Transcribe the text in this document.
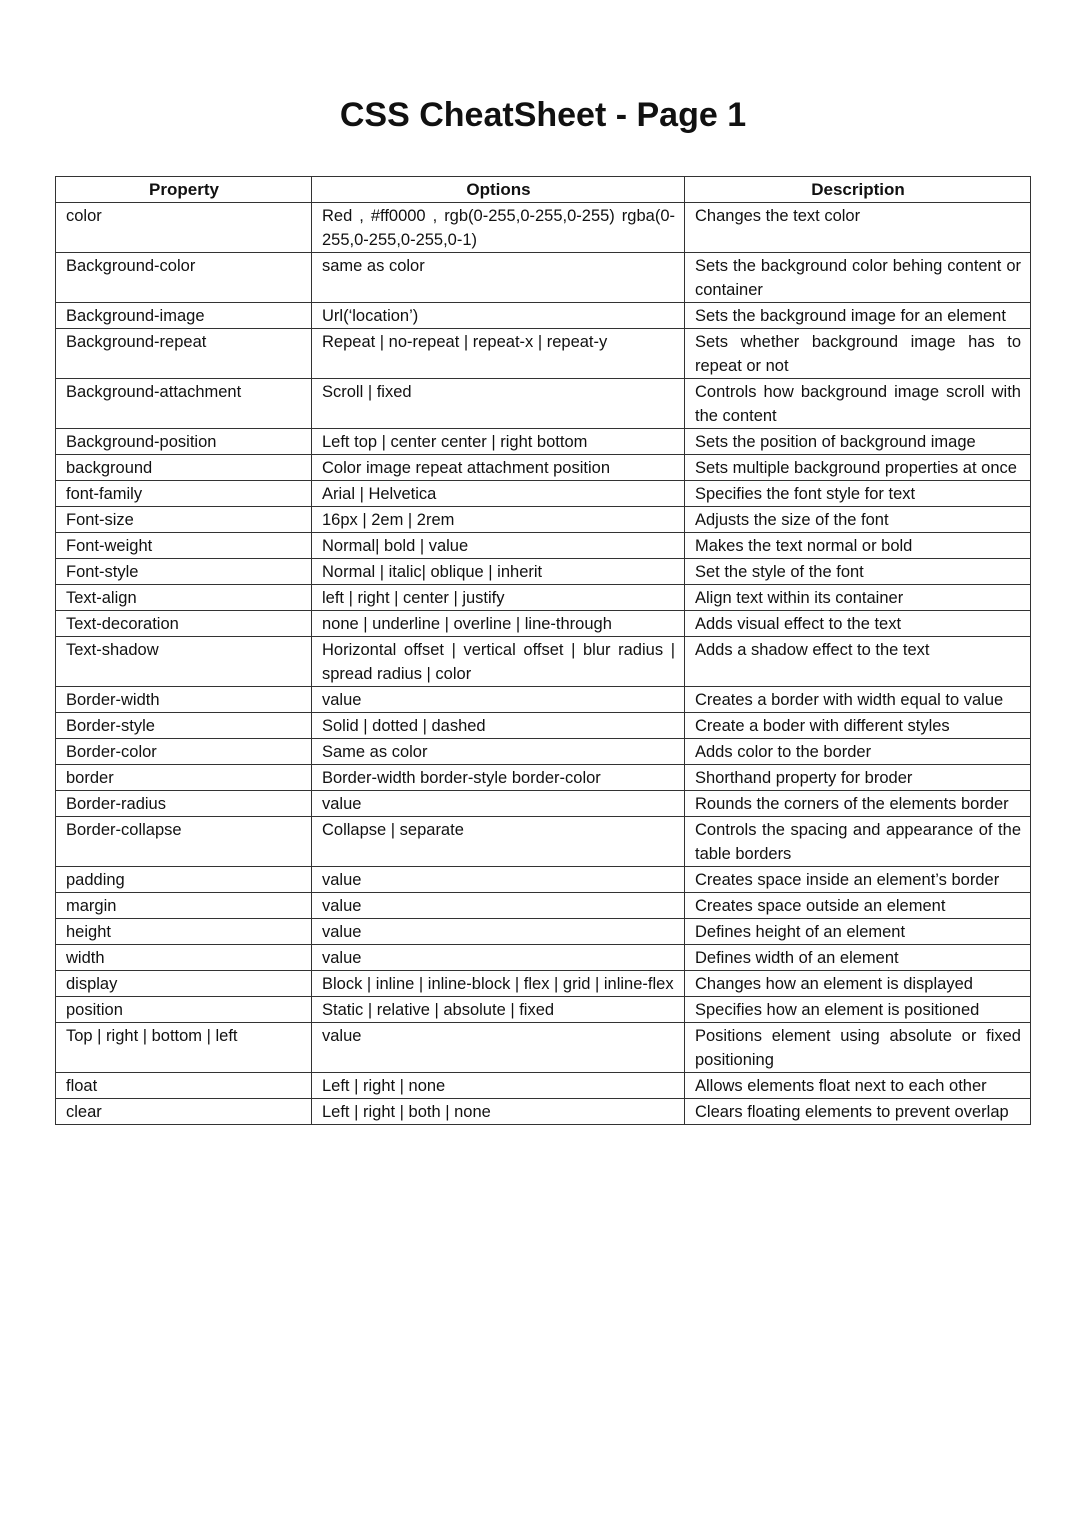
CSS CheatSheet - Page 1
Property	Options	Description
color	Red , #ff0000 , rgb(0-255,0-255,0-255) rgba(0-255,0-255,0-255,0-1)	Changes the text color
Background-color	same as color	Sets the background color behing content or container
Background-image	Url(‘location’)	Sets the background image for an element
Background-repeat	Repeat | no-repeat | repeat-x | repeat-y	Sets whether background image has to repeat or not
Background-attachment	Scroll | fixed	Controls how background image scroll with the content
Background-position	Left top | center center | right bottom	Sets the position of background image
background	Color image repeat attachment position	Sets multiple background properties at once
font-family	Arial | Helvetica	Specifies the font style for text
Font-size	16px | 2em | 2rem	Adjusts the size of the font
Font-weight	Normal| bold | value	Makes the text normal or bold
Font-style	Normal | italic| oblique | inherit	Set the style of the font
Text-align	left | right | center | justify	Align text within its container
Text-decoration	none | underline | overline | line-through	Adds visual effect to the text
Text-shadow	Horizontal offset | vertical offset | blur radius | spread radius | color	Adds a shadow effect to the text
Border-width	value	Creates a border with width equal to value
Border-style	Solid | dotted | dashed	Create a boder with different styles
Border-color	Same as color	Adds color to the border
border	Border-width border-style border-color	Shorthand property for broder
Border-radius	value	Rounds the corners of the elements border
Border-collapse	Collapse | separate	Controls the spacing and appearance of the table borders
padding	value	Creates space inside an element’s border
margin	value	Creates space outside an element
height	value	Defines height of an element
width	value	Defines width of an element
display	Block | inline | inline-block | flex | grid | inline-flex	Changes how an element is displayed
position	Static | relative | absolute | fixed	Specifies how an element is positioned
Top | right | bottom | left	value	Positions element using absolute or fixed positioning
float	Left | right | none	Allows elements float next to each other
clear	Left | right | both | none	Clears floating elements to prevent overlap
